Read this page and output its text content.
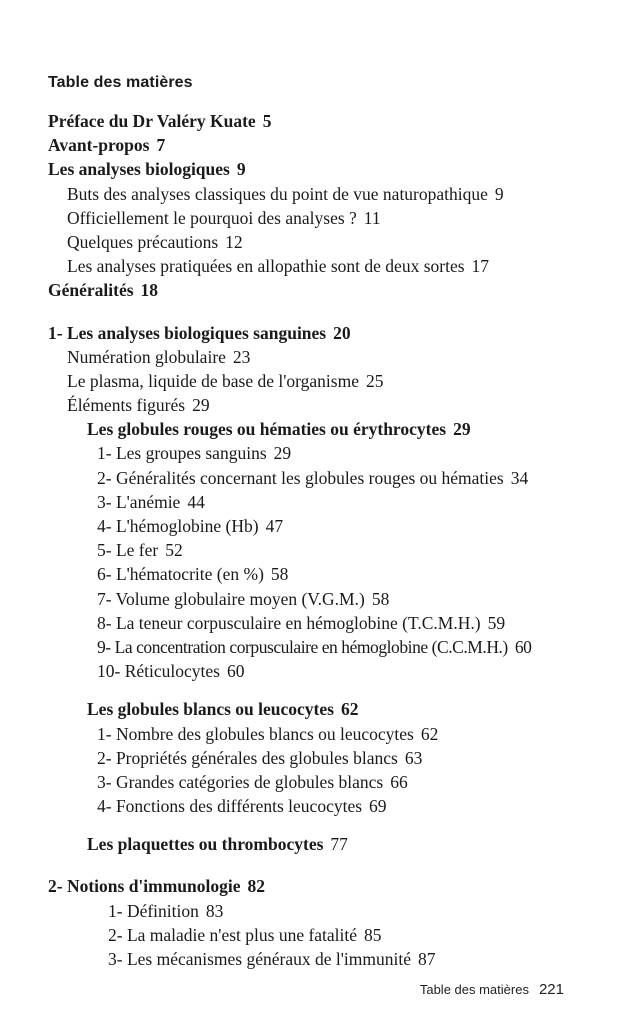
Table des matières
Préface du Dr Valéry Kuate 5
Avant-propos 7
Les analyses biologiques 9
Buts des analyses classiques du point de vue naturopathique 9
Officiellement le pourquoi des analyses ? 11
Quelques précautions 12
Les analyses pratiquées en allopathie sont de deux sortes 17
Généralités 18
1- Les analyses biologiques sanguines 20
Numération globulaire 23
Le plasma, liquide de base de l'organisme 25
Éléments figurés 29
Les globules rouges ou hématies ou érythrocytes 29
1- Les groupes sanguins 29
2- Généralités concernant les globules rouges ou hématies 34
3- L'anémie 44
4- L'hémoglobine (Hb) 47
5- Le fer 52
6- L'hématocrite (en %) 58
7- Volume globulaire moyen (V.G.M.) 58
8- La teneur corpusculaire en hémoglobine (T.C.M.H.) 59
9- La concentration corpusculaire en hémoglobine (C.C.M.H.) 60
10- Réticulocytes 60
Les globules blancs ou leucocytes 62
1- Nombre des globules blancs ou leucocytes 62
2- Propriétés générales des globules blancs 63
3- Grandes catégories de globules blancs 66
4- Fonctions des différents leucocytes 69
Les plaquettes ou thrombocytes 77
2- Notions d'immunologie 82
1- Définition 83
2- La maladie n'est plus une fatalité 85
3- Les mécanismes généraux de l'immunité 87
Table des matières 221
